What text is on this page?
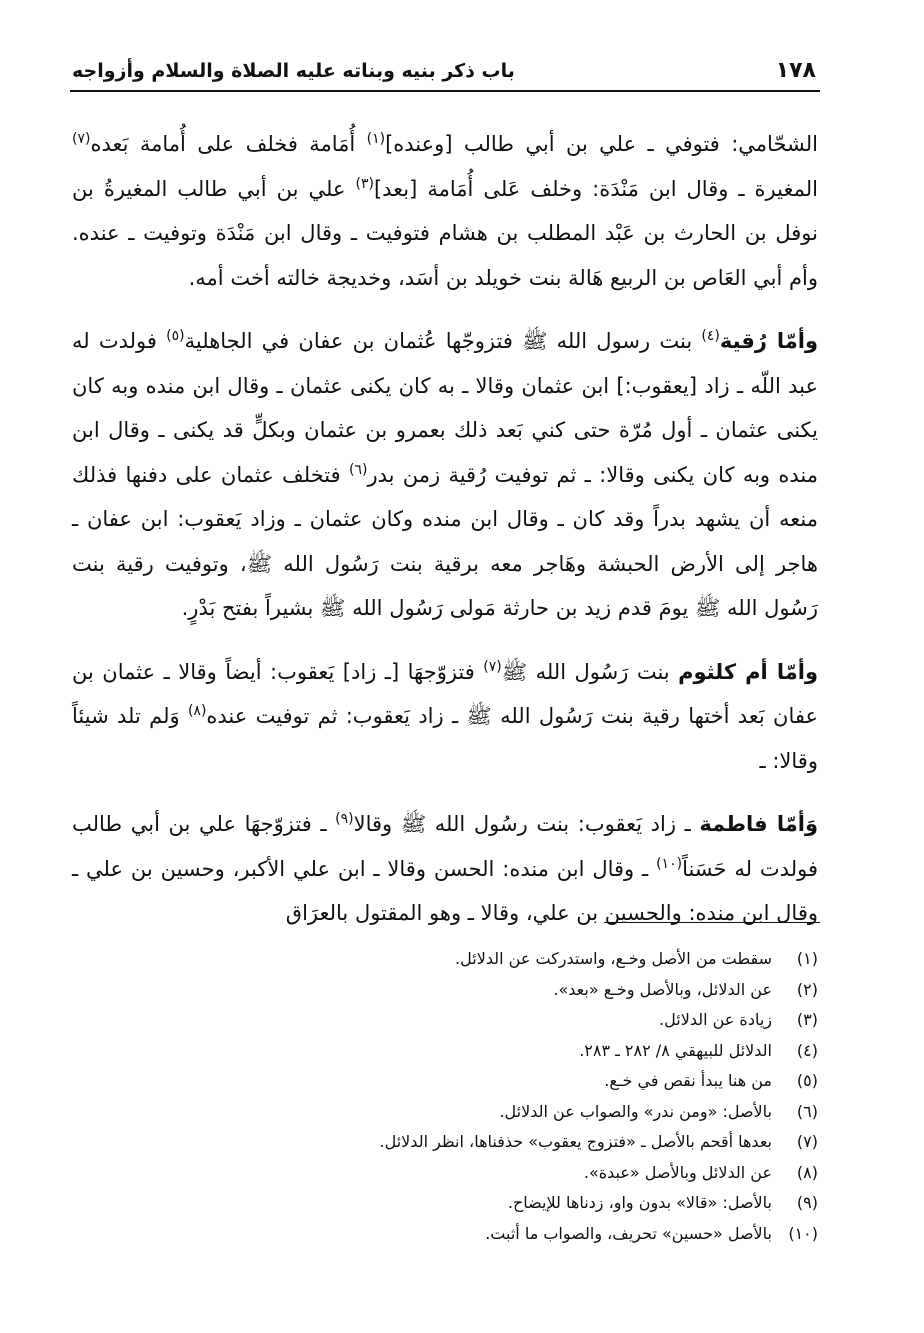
١٧٨
باب ذكر بنيه وبناته عليه الصلاة والسلام وأزواجه

الشحّامي: فتوفي ـ علي بن أبي طالب [وعنده]$^{(١)}$ أُمَامة فخلف على أُمامة بَعده$^{(٧)}$ المغيرة ـ وقال ابن مَنْدَة: وخلف عَلى أُمَامة [بعد]$^{(٣)}$ علي بن أبي طالب المغيرةُ بن نوفل بن الحارث بن عَبْد المطلب بن هشام فتوفيت ـ وقال ابن مَنْدَة وتوفيت ـ عنده. وأم أبي العَاص بن الربيع هَالة بنت خويلد بن أسَد، وخديجة خالته أخت أمه.

وأمّا رُقية$^{(٤)}$ بنت رسول الله ﷺ فتزوجّها عُثمان بن عفان في الجاهلية$^{(٥)}$ فولدت له عبد اللّه ـ زاد [يعقوب:] ابن عثمان وقالا ـ به كان يكنى عثمان ـ وقال ابن منده وبه كان يكنى عثمان ـ أول مُرّة حتى كني بَعد ذلك بعمرو بن عثمان وبكلٍّ قد يكنى ـ وقال ابن منده وبه كان يكنى وقالا: ـ ثم توفيت رُقية زمن بدر$^{(٦)}$ فتخلف عثمان على دفنها فذلك منعه أن يشهد بدراً وقد كان ـ وقال ابن منده وكان عثمان ـ وزاد يَعقوب: ابن عفان ـ هاجر إلى الأرض الحبشة وهَاجر معه برقية بنت رَسُول الله ﷺ، وتوفيت رقية بنت رَسُول الله ﷺ يومَ قدم زيد بن حارثة مَولى رَسُول الله ﷺ بشيراً بفتح بَدْرٍ.

وأمّا أم كلثوم بنت رَسُول الله ﷺ$^{(٧)}$ فتزوّجهَا [ـ زاد] يَعقوب: أيضاً وقالا ـ عثمان بن عفان بَعد أختها رقية بنت رَسُول الله ﷺ ـ زاد يَعقوب: ثم توفيت عنده$^{(٨)}$ وَلم تلد شيئاً وقالا: ـ

وَأمّا فاطمة ـ زاد يَعقوب: بنت رسُول الله ﷺ وقالا$^{(٩)}$ ـ فتزوّجهَا علي بن أبي طالب فولدت له حَسَناً$^{(١٠)}$ ـ وقال ابن منده: الحسن وقالا ـ ابن علي الأكبر، وحسين بن علي ـ وقال ابن منده: والحسين بن علي، وقالا ـ وهو المقتول بالعرَاق

(١)
سقطت من الأصل وخـع، واستدركت عن الدلائل.
(٢)
عن الدلائل، وبالأصل وخـع «بعد».
(٣)
زيادة عن الدلائل.
(٤)
الدلائل للبيهقي ٨/ ٢٨٢ ـ ٢٨٣.
(٥)
من هنا يبدأ نقص في خـع.
(٦)
بالأصل: «ومن ندر» والصواب عن الدلائل.
(٧)
بعدها أقحم بالأصل ـ «فتزوج يعقوب» حذفناها، انظر الدلائل.
(٨)
عن الدلائل وبالأصل «عبدة».
(٩)
بالأصل: «قالا» بدون واو، زدناها للإيضاح.
(١٠)
بالأصل «حسين» تحريف، والصواب ما أثبت.
